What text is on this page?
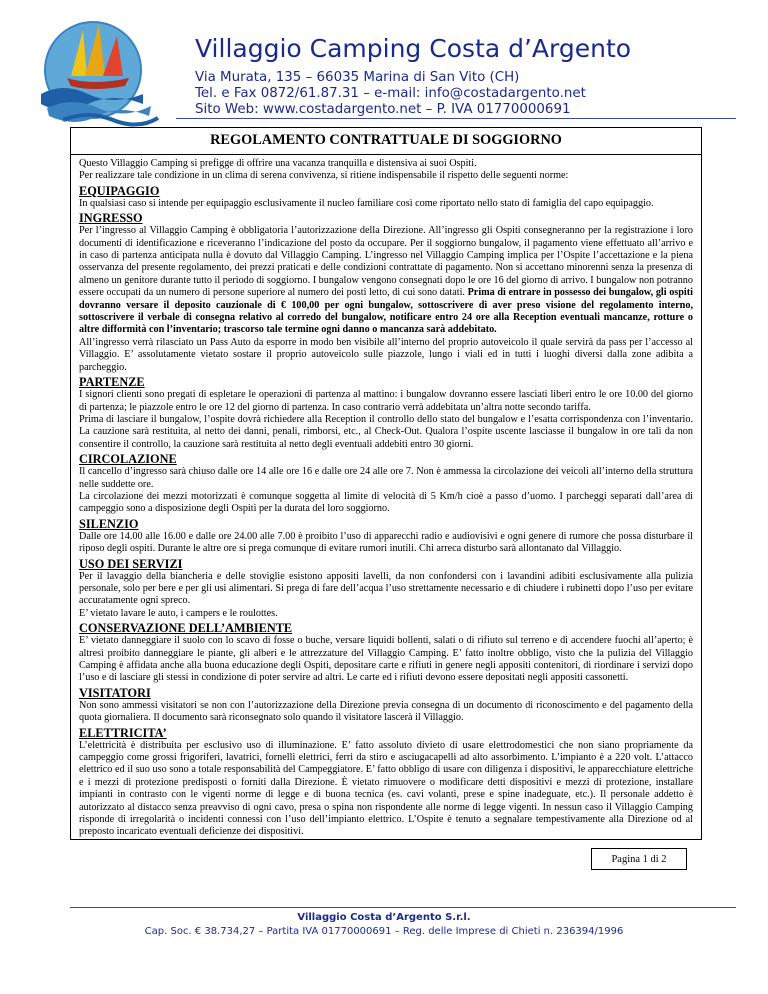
Villaggio Camping Costa d’Argento
Via Murata, 135 – 66035 Marina di San Vito (CH)
Tel. e Fax 0872/61.87.31 – e-mail: info@costadargento.net
Sito Web: www.costadargento.net – P. IVA 01770000691
REGOLAMENTO CONTRATTUALE DI SOGGIORNO

Questo Villaggio Camping si prefigge di offrire una vacanza tranquilla e distensiva ai suoi Ospiti.

Per realizzare tale condizione in un clima di serena convivenza, si ritiene indispensabile il rispetto delle seguenti norme:

EQUIPAGGIO

In qualsiasi caso si intende per equipaggio esclusivamente il nucleo familiare così come riportato nello stato di famiglia del capo equipaggio.

INGRESSO

Per l’ingresso al Villaggio Camping è obbligatoria l’autorizzazione della Direzione. All’ingresso gli Ospiti consegneranno per la registrazione i loro documenti di identificazione e riceveranno l’indicazione del posto da occupare. Per il soggiorno bungalow, il pagamento viene effettuato all’arrivo e in caso di partenza anticipata nulla è dovuto dal Villaggio Camping. L’ingresso nel Villaggio Camping implica per l’Ospite l’accettazione e la piena osservanza del presente regolamento, dei prezzi praticati e delle condizioni contrattate di pagamento. Non si accettano minorenni senza la presenza di almeno un genitore durante tutto il periodo di soggiorno. I bungalow vengono consegnati dopo le ore 16 del giorno di arrivo. I bungalow non potranno essere occupati da un numero di persone superiore al numero dei posti letto, di cui sono datati. Prima di entrare in possesso dei bungalow, gli ospiti dovranno versare il deposito cauzionale di € 100,00 per ogni bungalow, sottoscrivere di aver preso visione del regolamento interno, sottoscrivere il verbale di consegna relativo al corredo del bungalow, notificare entro 24 ore alla Reception eventuali mancanze, rotture o altre difformità con l’inventario; trascorso tale termine ogni danno o mancanza sarà addebitato.

All’ingresso verrà rilasciato un Pass Auto da esporre in modo ben visibile all’interno del proprio autoveicolo il quale servirà da pass per l’accesso al Villaggio. E’ assolutamente vietato sostare il proprio autoveicolo sulle piazzole, lungo i viali ed in tutti i luoghi diversi dalla zone adibita a parcheggio.

PARTENZE

I signori clienti sono pregati di espletare le operazioni di partenza al mattino: i bungalow dovranno essere lasciati liberi entro le ore 10.00 del giorno di partenza; le piazzole entro le ore 12 del giorno di partenza. In caso contrario verrà addebitata un’altra notte secondo tariffa.

Prima di lasciare il bungalow, l’ospite dovrà richiedere alla Reception il controllo dello stato del bungalow e l’esatta corrispondenza con l’inventario. La cauzione sarà restituita, al netto dei danni, penali, rimborsi, etc., al Check-Out. Qualora l’ospite uscente lasciasse il bungalow in ore tali da non consentire il controllo, la cauzione sarà restituita al netto degli eventuali addebiti entro 30 giorni.

CIRCOLAZIONE

Il cancello d’ingresso sarà chiuso dalle ore 14 alle ore 16 e dalle ore 24 alle ore 7. Non è ammessa la circolazione dei veicoli all’interno della struttura nelle suddette ore.

La circolazione dei mezzi motorizzati è comunque soggetta al limite di velocità di 5 Km/h cioè a passo d’uomo. I parcheggi separati dall’area di campeggio sono a disposizione degli Ospiti per la durata del loro soggiorno.

SILENZIO

Dalle ore 14.00 alle 16.00 e dalle ore 24.00 alle 7.00 è proibito l’uso di apparecchi radio e audiovisivi e ogni genere di rumore che possa disturbare il riposo degli ospiti. Durante le altre ore si prega comunque di evitare rumori inutili. Chi arreca disturbo sarà allontanato dal Villaggio.

USO DEI SERVIZI

Per il lavaggio della biancheria e delle stoviglie esistono appositi lavelli, da non confondersi con i lavandini adibiti esclusivamente alla pulizia personale, solo per bere e per gli usi alimentari. Si prega di fare dell’acqua l’uso strettamente necessario e di chiudere i rubinetti dopo l’uso per evitare accuratamente ogni spreco.

E’ vietato lavare le auto, i campers e le roulottes.

CONSERVAZIONE DELL’AMBIENTE

E’ vietato danneggiare il suolo con lo scavo di fosse o buche, versare liquidi bollenti, salati o di rifiuto sul terreno e di accendere fuochi all’aperto; è altresì proibito danneggiare le piante, gli alberi e le attrezzature del Villaggio Camping. E’ fatto inoltre obbligo, visto che la pulizia del Villaggio Camping è affidata anche alla buona educazione degli Ospiti, depositare carte e rifiuti in genere negli appositi contenitori, di riordinare i servizi dopo l’uso e di lasciare gli stessi in condizione di poter servire ad altri. Le carte ed i rifiuti devono essere depositati negli appositi cassonetti.

VISITATORI

Non sono ammessi visitatori se non con l’autorizzazione della Direzione previa consegna di un documento di riconoscimento e del pagamento della quota giornaliera. Il documento sarà riconsegnato solo quando il visitatore lascerà il Villaggio.

ELETTRICITA’

L’elettricità è distribuita per esclusivo uso di illuminazione. E’ fatto assoluto divieto di usare elettrodomestici che non siano propriamente da campeggio come grossi frigoriferi, lavatrici, fornelli elettrici, ferri da stiro e asciugacapelli ad alto assorbimento. L’impianto è a 220 volt. L’attacco elettrico ed il suo uso sono a totale responsabilità del Campeggiatore. E’ fatto obbligo di usare con diligenza i dispositivi, le apparecchiature elettriche e i mezzi di protezione predisposti o forniti dalla Direzione. È vietato rimuovere o modificare detti dispositivi e mezzi di protezione, installare impianti in contrasto con le vigenti norme di legge e di buona tecnica (es. cavi volanti, prese e spine inadeguate, etc.). Il personale addetto è autorizzato al distacco senza preavviso di ogni cavo, presa o spina non rispondente alle norme di legge vigenti. In nessun caso il Villaggio Camping risponde di irregolarità o incidenti connessi con l’uso dell’impianto elettrico. L’Ospite è tenuto a segnalare tempestivamente alla Direzione od al preposto incaricato eventuali deficienze dei dispositivi.

Pagina 1 di 2
Villaggio Costa d’Argento S.r.l.
Cap. Soc. € 38.734,27 – Partita IVA 01770000691 – Reg. delle Imprese di Chieti n. 236394/1996
